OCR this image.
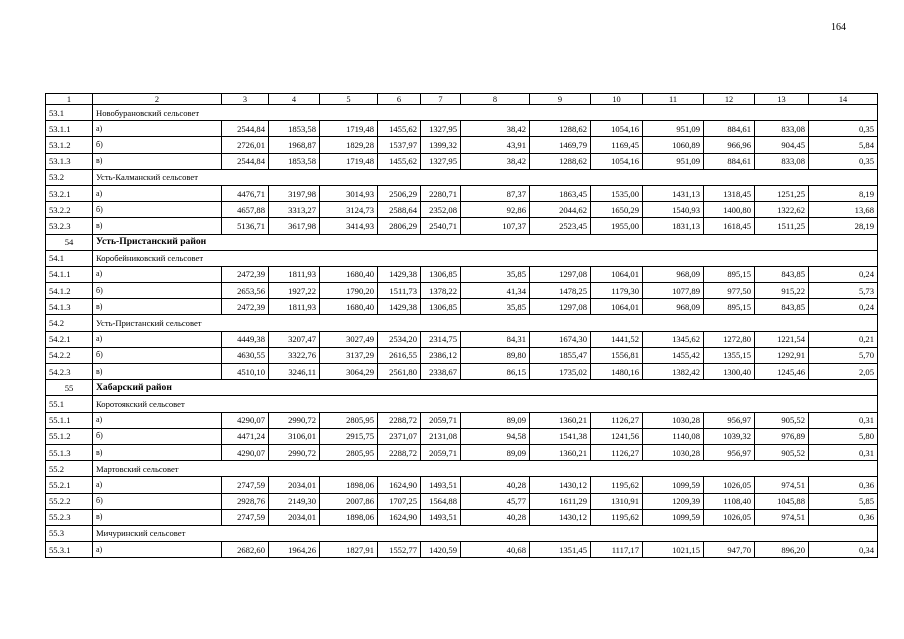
164
1	2	3	4	5	6	7	8	9	10	11	12	13	14
53.1	Новобурановский сельсовет												
53.1.1	а)	2544,84	1853,58	1719,48	1455,62	1327,95	38,42	1288,62	1054,16	951,09	884,61	833,08	0,35
53.1.2	б)	2726,01	1968,87	1829,28	1537,97	1399,32	43,91	1469,79	1169,45	1060,89	966,96	904,45	5,84
53.1.3	в)	2544,84	1853,58	1719,48	1455,62	1327,95	38,42	1288,62	1054,16	951,09	884,61	833,08	0,35
53.2	Усть-Калманский сельсовет												
53.2.1	а)	4476,71	3197,98	3014,93	2506,29	2280,71	87,37	1863,45	1535,00	1431,13	1318,45	1251,25	8,19
53.2.2	б)	4657,88	3313,27	3124,73	2588,64	2352,08	92,86	2044,62	1650,29	1540,93	1400,80	1322,62	13,68
53.2.3	в)	5136,71	3617,98	3414,93	2806,29	2540,71	107,37	2523,45	1955,00	1831,13	1618,45	1511,25	28,19
54	Усть-Пристанский район												
54.1	Коробейниковский сельсовет												
54.1.1	а)	2472,39	1811,93	1680,40	1429,38	1306,85	35,85	1297,08	1064,01	968,09	895,15	843,85	0,24
54.1.2	б)	2653,56	1927,22	1790,20	1511,73	1378,22	41,34	1478,25	1179,30	1077,89	977,50	915,22	5,73
54.1.3	в)	2472,39	1811,93	1680,40	1429,38	1306,85	35,85	1297,08	1064,01	968,09	895,15	843,85	0,24
54.2	Усть-Пристанский сельсовет												
54.2.1	а)	4449,38	3207,47	3027,49	2534,20	2314,75	84,31	1674,30	1441,52	1345,62	1272,80	1221,54	0,21
54.2.2	б)	4630,55	3322,76	3137,29	2616,55	2386,12	89,80	1855,47	1556,81	1455,42	1355,15	1292,91	5,70
54.2.3	в)	4510,10	3246,11	3064,29	2561,80	2338,67	86,15	1735,02	1480,16	1382,42	1300,40	1245,46	2,05
55	Хабарский район												
55.1	Коротоякский сельсовет												
55.1.1	а)	4290,07	2990,72	2805,95	2288,72	2059,71	89,09	1360,21	1126,27	1030,28	956,97	905,52	0,31
55.1.2	б)	4471,24	3106,01	2915,75	2371,07	2131,08	94,58	1541,38	1241,56	1140,08	1039,32	976,89	5,80
55.1.3	в)	4290,07	2990,72	2805,95	2288,72	2059,71	89,09	1360,21	1126,27	1030,28	956,97	905,52	0,31
55.2	Мартовский сельсовет												
55.2.1	а)	2747,59	2034,01	1898,06	1624,90	1493,51	40,28	1430,12	1195,62	1099,59	1026,05	974,51	0,36
55.2.2	б)	2928,76	2149,30	2007,86	1707,25	1564,88	45,77	1611,29	1310,91	1209,39	1108,40	1045,88	5,85
55.2.3	в)	2747,59	2034,01	1898,06	1624,90	1493,51	40,28	1430,12	1195,62	1099,59	1026,05	974,51	0,36
55.3	Мичуринский сельсовет												
55.3.1	а)	2682,60	1964,26	1827,91	1552,77	1420,59	40,68	1351,45	1117,17	1021,15	947,70	896,20	0,34
